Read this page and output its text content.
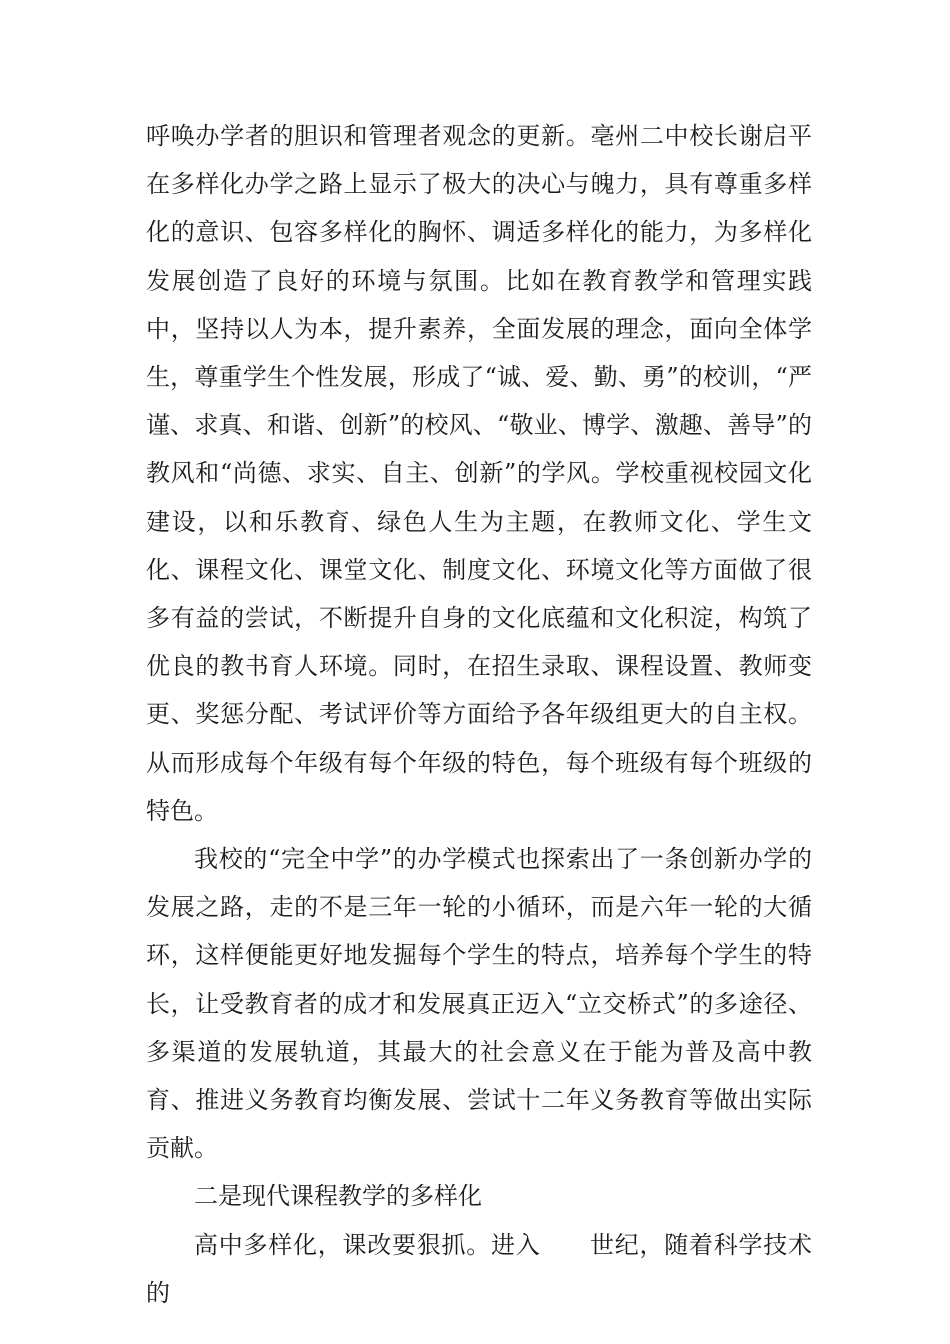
呼唤办学者的胆识和管理者观念的更新。亳州二中校长谢启平在多样化办学之路上显示了极大的决心与魄力，具有尊重多样化的意识、包容多样化的胸怀、调适多样化的能力，为多样化发展创造了良好的环境与氛围。比如在教育教学和管理实践中，坚持以人为本，提升素养，全面发展的理念，面向全体学生，尊重学生个性发展，形成了“诚、爱、勤、勇”的校训，“严谨、求真、和谐、创新”的校风、“敬业、博学、激趣、善导”的教风和“尚德、求实、自主、创新”的学风。学校重视校园文化建设，以和乐教育、绿色人生为主题，在教师文化、学生文化、课程文化、课堂文化、制度文化、环境文化等方面做了很多有益的尝试，不断提升自身的文化底蕴和文化积淀，构筑了优良的教书育人环境。同时，在招生录取、课程设置、教师变更、奖惩分配、考试评价等方面给予各年级组更大的自主权。从而形成每个年级有每个年级的特色，每个班级有每个班级的特色。

我校的“完全中学”的办学模式也探索出了一条创新办学的发展之路，走的不是三年一轮的小循环，而是六年一轮的大循环，这样便能更好地发掘每个学生的特点，培养每个学生的特长，让受教育者的成才和发展真正迈入“立交桥式”的多途径、多渠道的发展轨道，其最大的社会意义在于能为普及高中教育、推进义务教育均衡发展、尝试十二年义务教育等做出实际贡献。

二是现代课程教学的多样化

高中多样化，课改要狠抓。进入　　世纪，随着科学技术的
